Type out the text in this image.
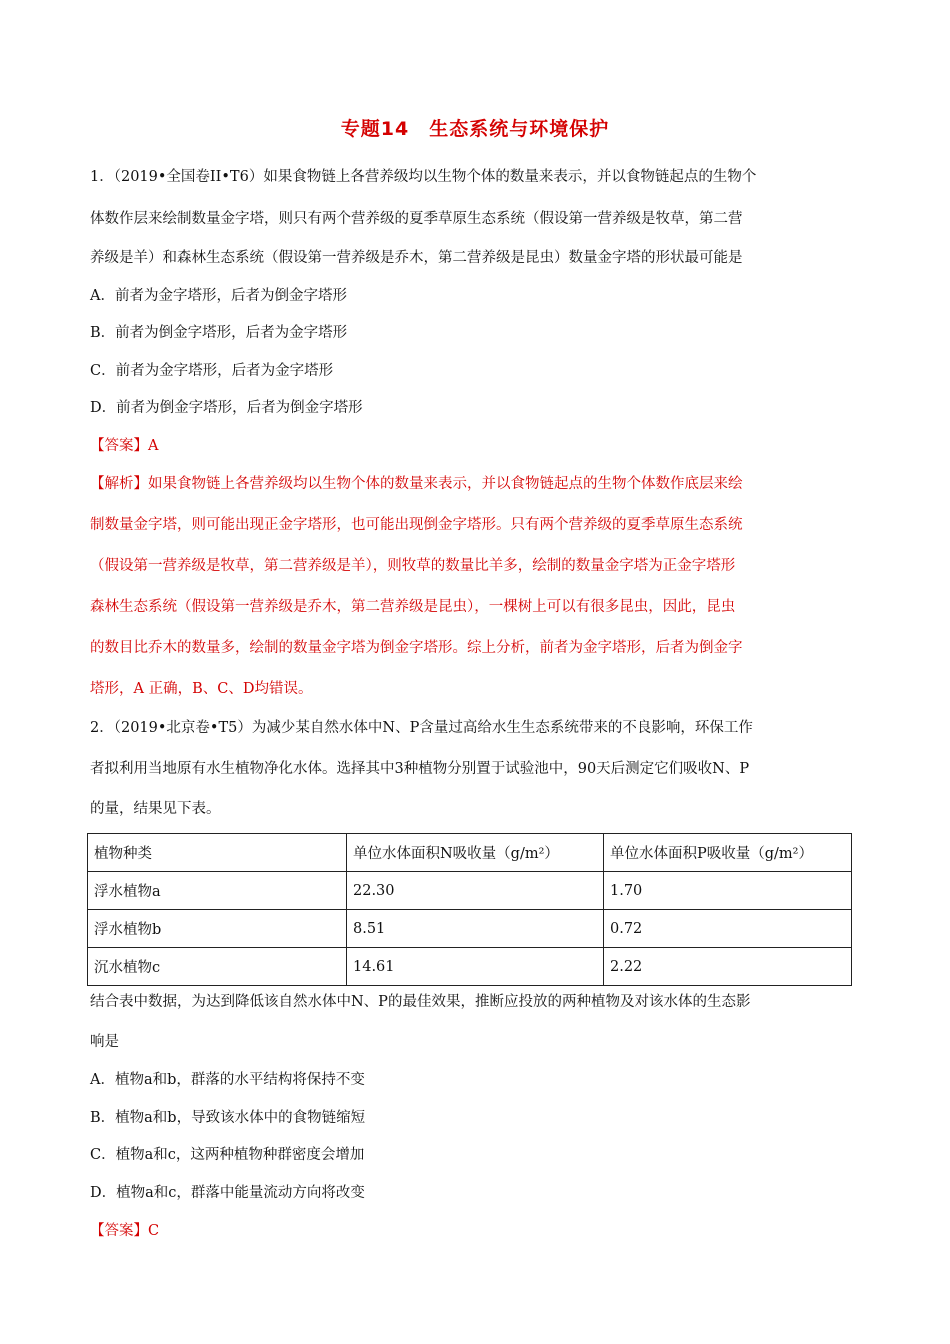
专题14　生态系统与环境保护
1．（2019•全国卷II•T6）如果食物链上各营养级均以生物个体的数量来表示，并以食物链起点的生物个
体数作层来绘制数量金字塔，则只有两个营养级的夏季草原生态系统（假设第一营养级是牧草，第二营
养级是羊）和森林生态系统（假设第一营养级是乔木，第二营养级是昆虫）数量金字塔的形状最可能是
A．前者为金字塔形，后者为倒金字塔形
B．前者为倒金字塔形，后者为金字塔形
C．前者为金字塔形，后者为金字塔形
D．前者为倒金字塔形，后者为倒金字塔形
【答案】A
【解析】如果食物链上各营养级均以生物个体的数量来表示，并以食物链起点的生物个体数作底层来绘
制数量金字塔，则可能出现正金字塔形，也可能出现倒金字塔形。只有两个营养级的夏季草原生态系统
（假设第一营养级是牧草，第二营养级是羊），则牧草的数量比羊多，绘制的数量金字塔为正金字塔形
森林生态系统（假设第一营养级是乔木，第二营养级是昆虫），一棵树上可以有很多昆虫，因此，昆虫
的数目比乔木的数量多，绘制的数量金字塔为倒金字塔形。综上分析，前者为金字塔形，后者为倒金字
塔形，A 正确，B、C、D均错误。
2．（2019•北京卷•T5）为减少某自然水体中N、P含量过高给水生生态系统带来的不良影响，环保工作
者拟利用当地原有水生植物净化水体。选择其中3种植物分别置于试验池中，90天后测定它们吸收N、P
的量，结果见下表。
植物种类	单位水体面积N吸收量（g/m²）	单位水体面积P吸收量（g/m²）
浮水植物a	22.30	1.70
浮水植物b	8.51	0.72
沉水植物c	14.61	2.22
结合表中数据，为达到降低该自然水体中N、P的最佳效果，推断应投放的两种植物及对该水体的生态影
响是
A．植物a和b，群落的水平结构将保持不变
B．植物a和b，导致该水体中的食物链缩短
C．植物a和c，这两种植物种群密度会增加
D．植物a和c，群落中能量流动方向将改变
【答案】C
